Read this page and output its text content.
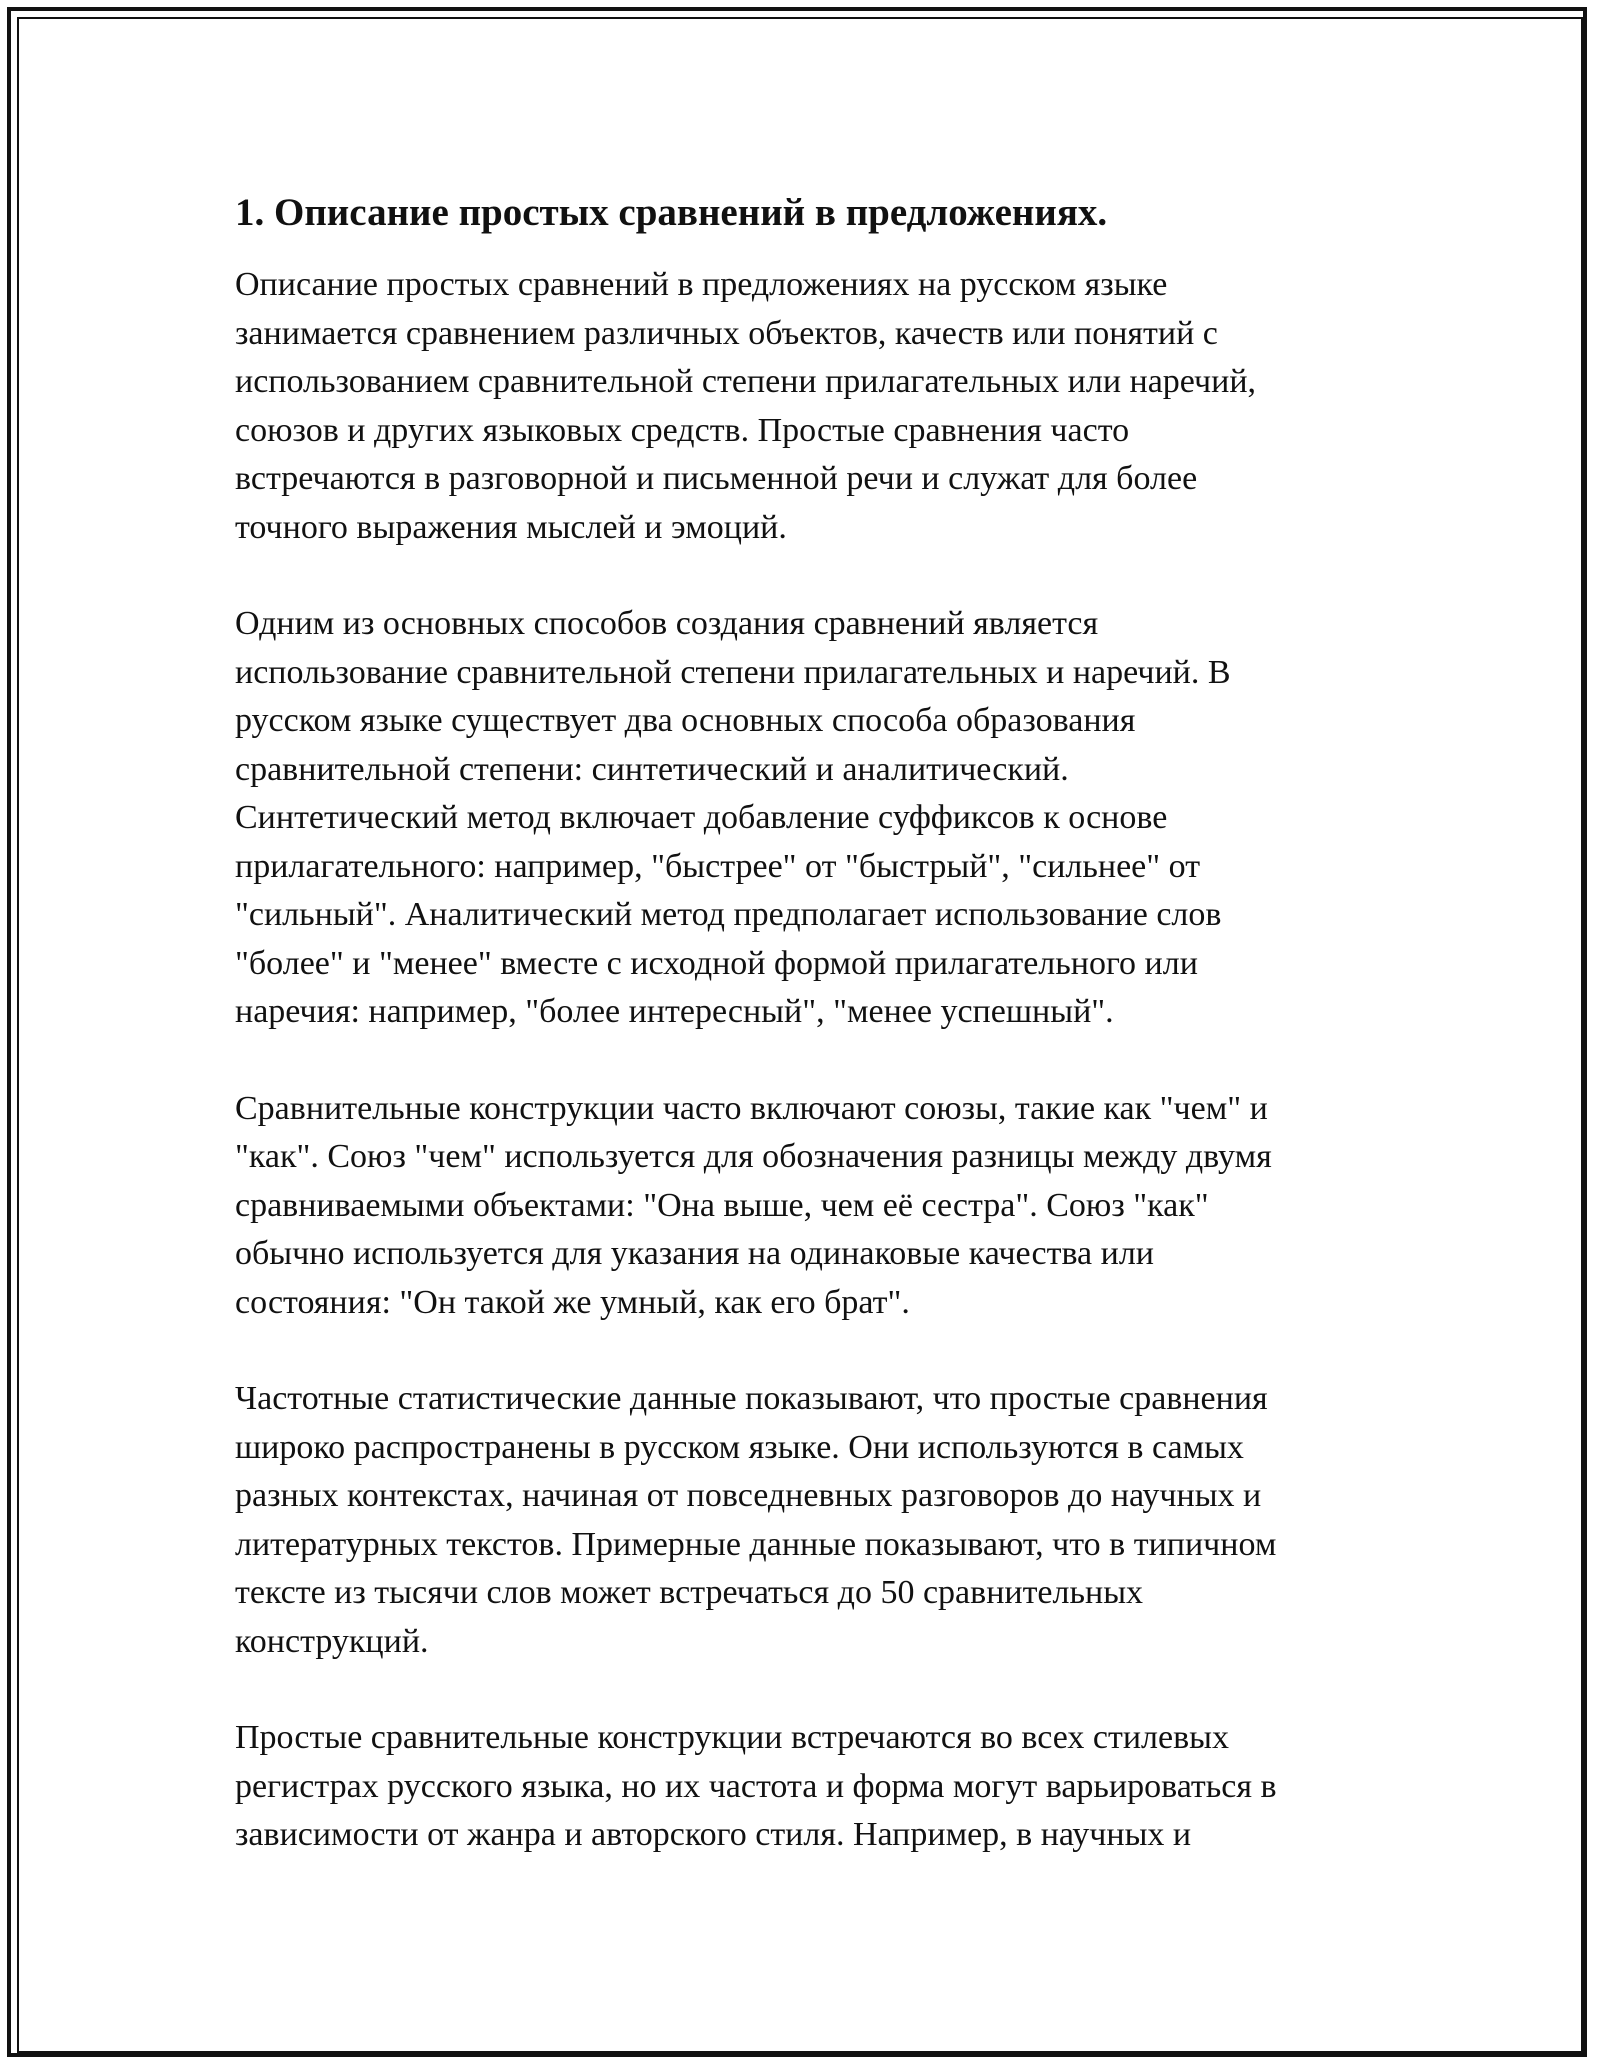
1. Описание простых сравнений в предложениях.

Описание простых сравнений в предложениях на русском языке
занимается сравнением различных объектов, качеств или понятий с
использованием сравнительной степени прилагательных или наречий,
союзов и других языковых средств. Простые сравнения часто
встречаются в разговорной и письменной речи и служат для более
точного выражения мыслей и эмоций.

Одним из основных способов создания сравнений является
использование сравнительной степени прилагательных и наречий. В
русском языке существует два основных способа образования
сравнительной степени: синтетический и аналитический.
Синтетический метод включает добавление суффиксов к основе
прилагательного: например, "быстрее" от "быстрый", "сильнее" от
"сильный". Аналитический метод предполагает использование слов
"более" и "менее" вместе с исходной формой прилагательного или
наречия: например, "более интересный", "менее успешный".

Сравнительные конструкции часто включают союзы, такие как "чем" и
"как". Союз "чем" используется для обозначения разницы между двумя
сравниваемыми объектами: "Она выше, чем её сестра". Союз "как"
обычно используется для указания на одинаковые качества или
состояния: "Он такой же умный, как его брат".

Частотные статистические данные показывают, что простые сравнения
широко распространены в русском языке. Они используются в самых
разных контекстах, начиная от повседневных разговоров до научных и
литературных текстов. Примерные данные показывают, что в типичном
тексте из тысячи слов может встречаться до 50 сравнительных
конструкций.

Простые сравнительные конструкции встречаются во всех стилевых
регистрах русского языка, но их частота и форма могут варьироваться в
зависимости от жанра и авторского стиля. Например, в научных и
